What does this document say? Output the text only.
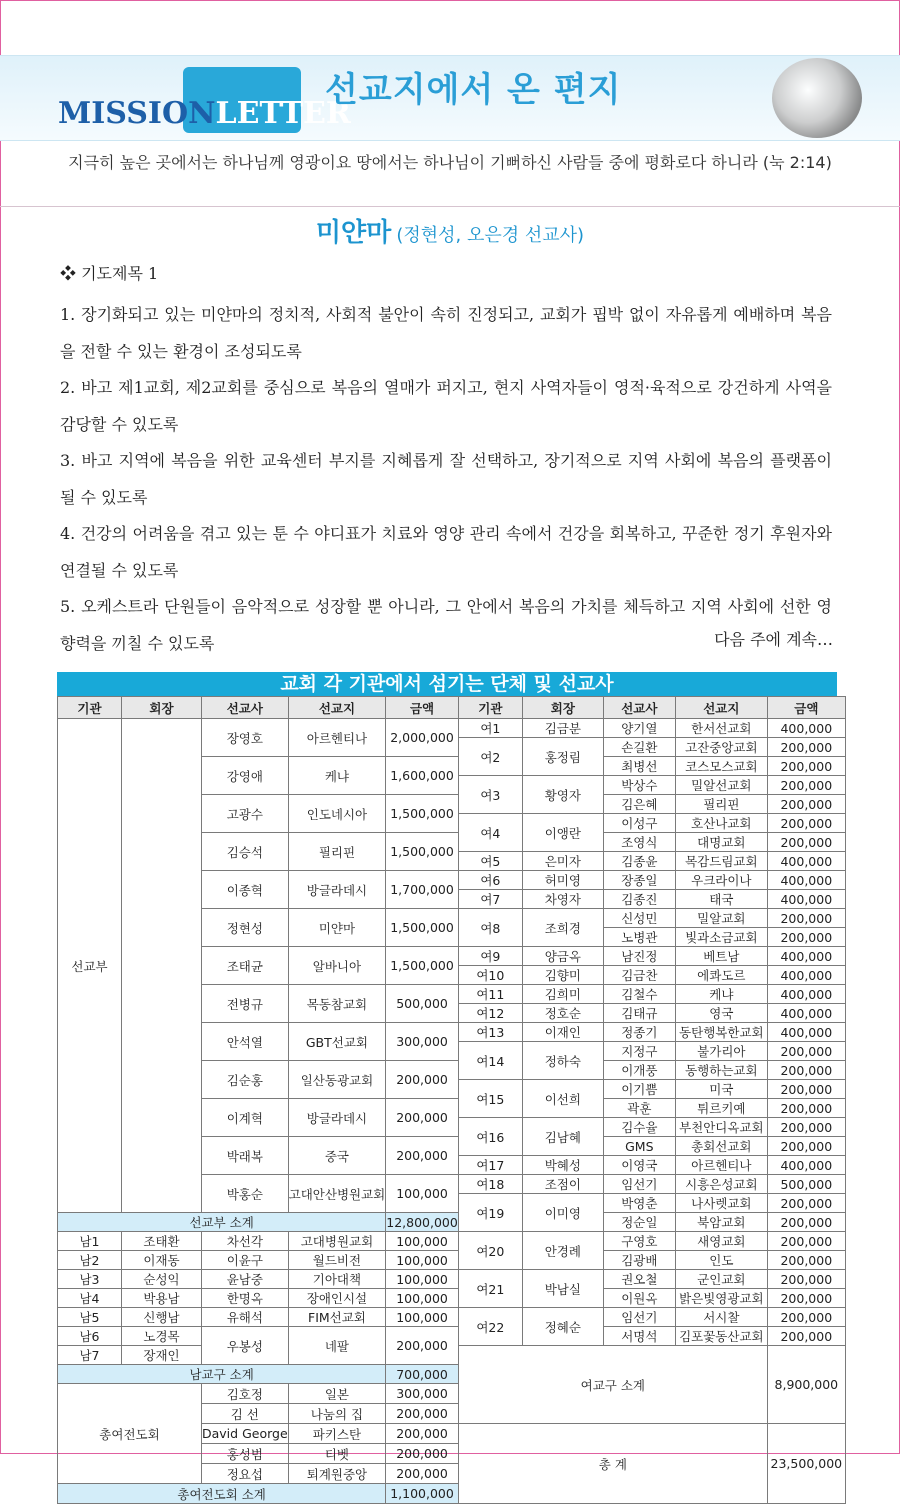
MISSIONLETTER
선교지에서 온 편지
지극히 높은 곳에서는 하나님께 영광이요 땅에서는 하나님이 기뻐하신 사람들 중에 평화로다 하니라 (눅 2:14)
미얀마 (정현성, 오은경 선교사)
❖ 기도제목 1

1. 장기화되고 있는 미얀마의 정치적, 사회적 불안이 속히 진정되고, 교회가 핍박 없이 자유롭게 예배하며 복음을 전할 수 있는 환경이 조성되도록

2. 바고 제1교회, 제2교회를 중심으로 복음의 열매가 퍼지고, 현지 사역자들이 영적·육적으로 강건하게 사역을 감당할 수 있도록

3. 바고 지역에 복음을 위한 교육센터 부지를 지혜롭게 잘 선택하고, 장기적으로 지역 사회에 복음의 플랫폼이 될 수 있도록

4. 건강의 어려움을 겪고 있는 툰 수 야디표가 치료와 영양 관리 속에서 건강을 회복하고, 꾸준한 정기 후원자와 연결될 수 있도록

5. 오케스트라 단원들이 음악적으로 성장할 뿐 아니라, 그 안에서 복음의 가치를 체득하고 지역 사회에 선한 영향력을 끼칠 수 있도록	다음 주에 계속…
교회 각 기관에서 섬기는 단체 및 선교사
기관	회장	선교사	선교지	금액	기관	회장	선교사	선교지	금액
선교부		장영호	아르헨티나	2,000,000	여1	김금분	양기열	한서선교회	400,000
					여2	홍정림	손길환	고잔중앙교회	200,000
		강영애	케냐	1,600,000			최병선	코스모스교회	200,000
					여3	황영자	박상수	밀알선교회	200,000
		고광수	인도네시아	1,500,000			김은혜	필리핀	200,000
					여4	이앵란	이성구	호산나교회	200,000
		김승석	필리핀	1,500,000			조영식	대명교회	200,000
					여5	은미자	김종윤	목감드림교회	400,000
		이종혁	방글라데시	1,700,000	여6	허미영	장종일	우크라이나	400,000
					여7	차영자	김종진	태국	400,000
		정현성	미얀마	1,500,000	여8	조희경	신성민	밀알교회	200,000
							노병관	빛과소금교회	200,000
		조태균	알바니아	1,500,000	여9	양금옥	남진정	베트남	400,000
					여10	김향미	김금찬	에콰도르	400,000
		전병규	목동참교회	500,000	여11	김희미	김철수	케냐	400,000
					여12	정호순	김태규	영국	400,000
		안석열	GBT선교회	300,000	여13	이재인	정종기	동탄행복한교회	400,000
					여14	정하숙	지정구	불가리아	200,000
		김순홍	일산동광교회	200,000			이개풍	동행하는교회	200,000
					여15	이선희	이기쁨	미국	200,000
		이계혁	방글라데시	200,000			곽훈	튀르키예	200,000
					여16	김남혜	김수율	부천안디옥교회	200,000
		박래복	중국	200,000			GMS	총회선교회	200,000
					여17	박혜성	이영국	아르헨티나	400,000
		박홍순	고대안산병원교회	100,000	여18	조점이	임선기	시흥은성교회	500,000
					여19	이미영	박영춘	나사렛교회	200,000
선교부 소계				12,800,000			정순일	북암교회	200,000
남1	조태환	차선각	고대병원교회	100,000	여20	안경례	구영호	새영교회	200,000
남2	이재동	이윤구	월드비전	100,000			김광배	인도	200,000
남3	순성익	윤남중	기아대책	100,000	여21	박남실	권오철	군인교회	200,000
남4	박용남	한명옥	장애인시설	100,000			이원옥	밝은빛영광교회	200,000
남5	신행남	유해석	FIM선교회	100,000	여22	정혜순	임선기	서시찰	200,000
남6	노경목	우봉성	네팔	200,000			서명석	김포꽃동산교회	200,000
남7	장재인				여교구 소계				8,900,000
남교구 소계				700,000					
총여전도회		김호정	일본	300,000					
		김 선	나눔의 집	200,000					
		David George	파키스탄	200,000	총 계				23,500,000
		홍성범	티벳	200,000					
		정요섭	퇴계원중앙	200,000					
총여전도회 소계				1,100,000					
